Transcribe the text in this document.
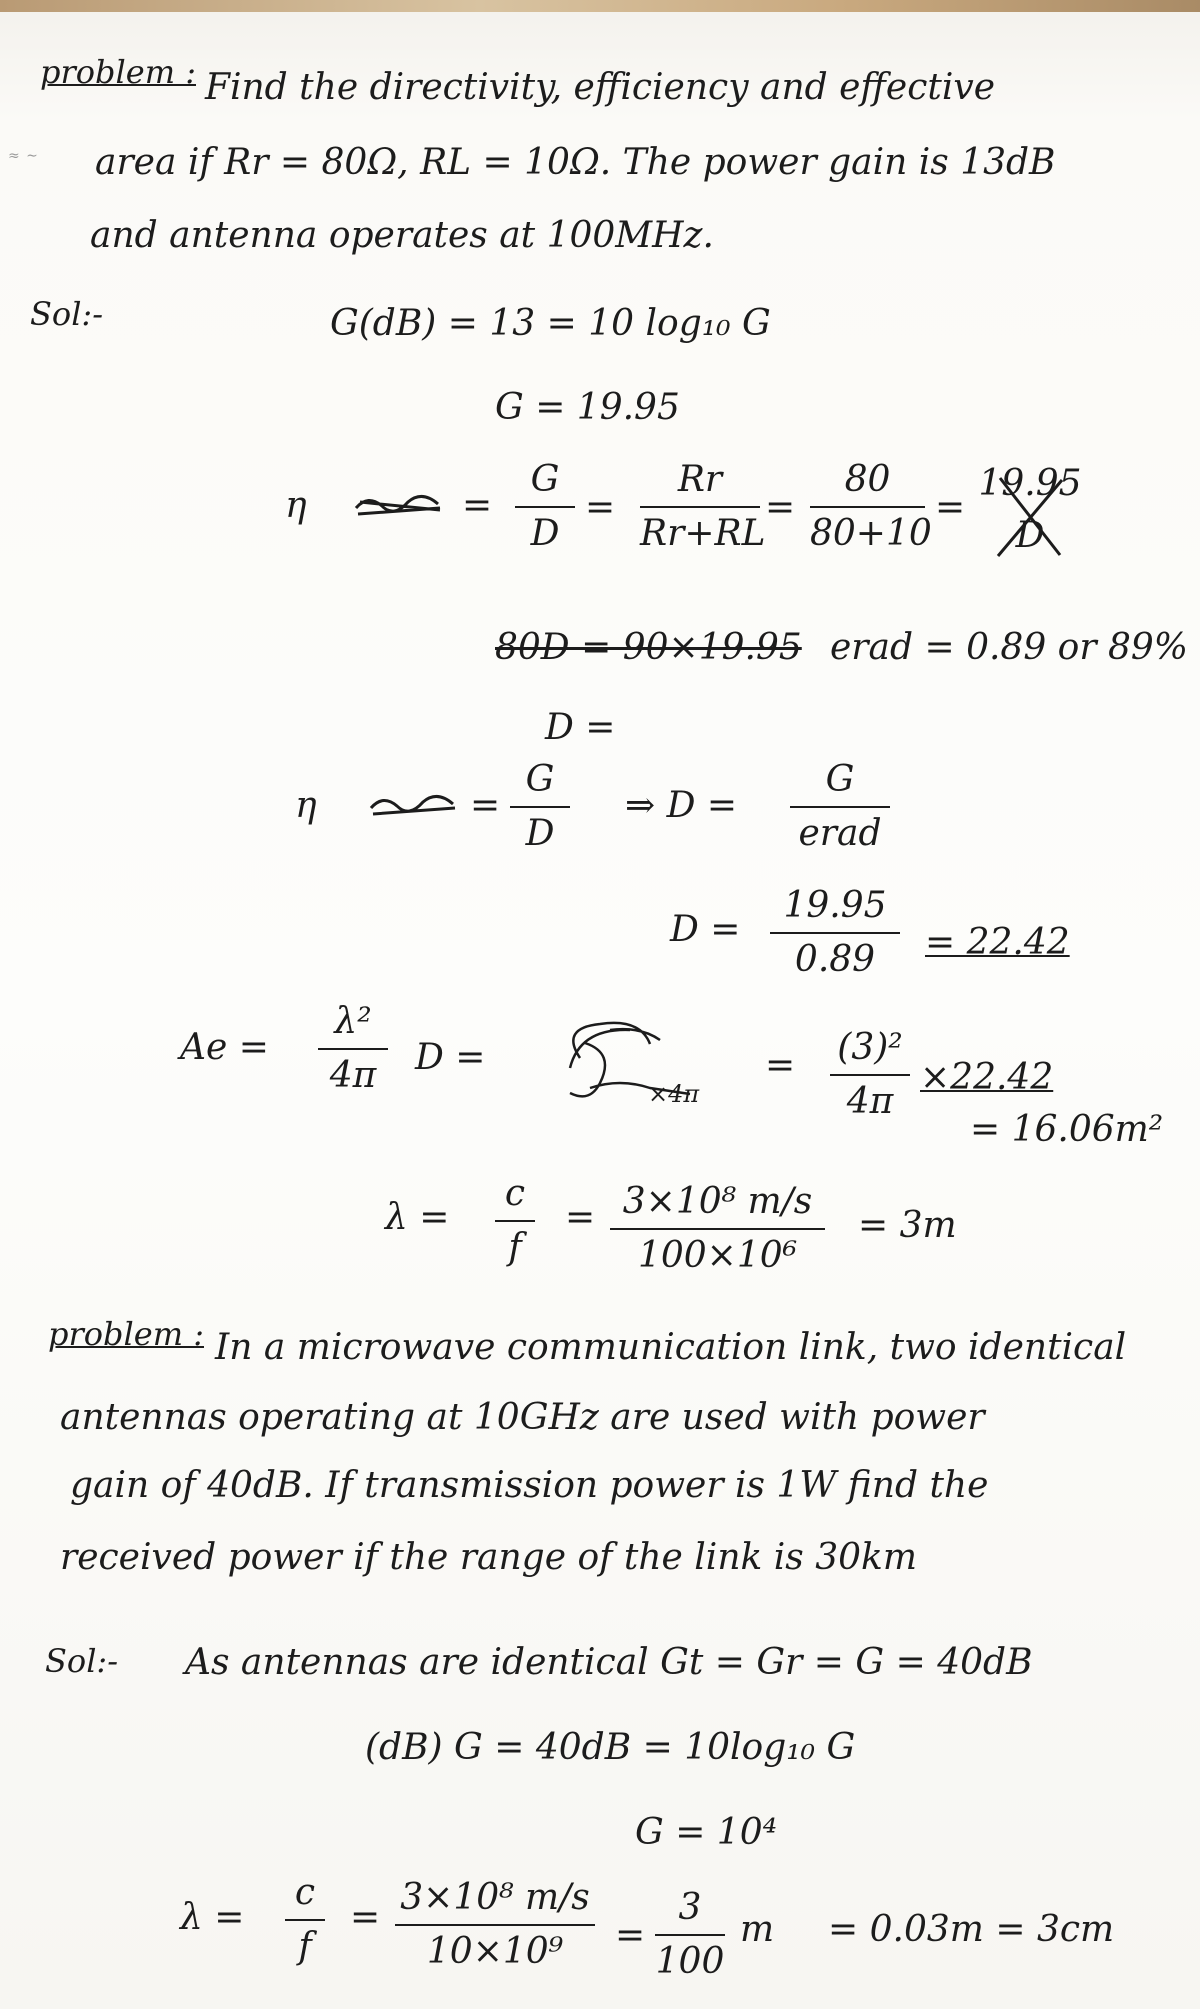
≈ ∼
problem : Find the directivity, efficiency and effective
area if Rr = 80Ω, RL = 10Ω. The power gain is 13dB
and antenna operates at 100MHz.
Sol:-	G(dB) = 13 = 10 log₁₀ G
G = 19.95
η	=
G
D
=
Rr
Rr+RL
=
80
80+10
=
19.95
D
80D = 90×19.95 erad = 0.89 or 89%
D =
η	=
G
D
⇒ D =
G
erad
D =
19.95
0.89	= 22.42
Ae =
λ²
4π	D =
×4π
= (3)²
4π
×22.42
= 16.06m²
λ =
c
f
= 3×10⁸ m/s
100×10⁶
= 3m
problem : In a microwave communication link, two identical
antennas operating at 10GHz are used with power
gain of 40dB. If transmission power is 1W find the
received power if the range of the link is 30km
Sol:- As antennas are identical Gt = Gr = G = 40dB
(dB) G = 40dB = 10log₁₀ G
G = 10⁴
λ =
c
f
= 3×10⁸ m/s
10×10⁹	=
3
100
m = 0.03m = 3cm
